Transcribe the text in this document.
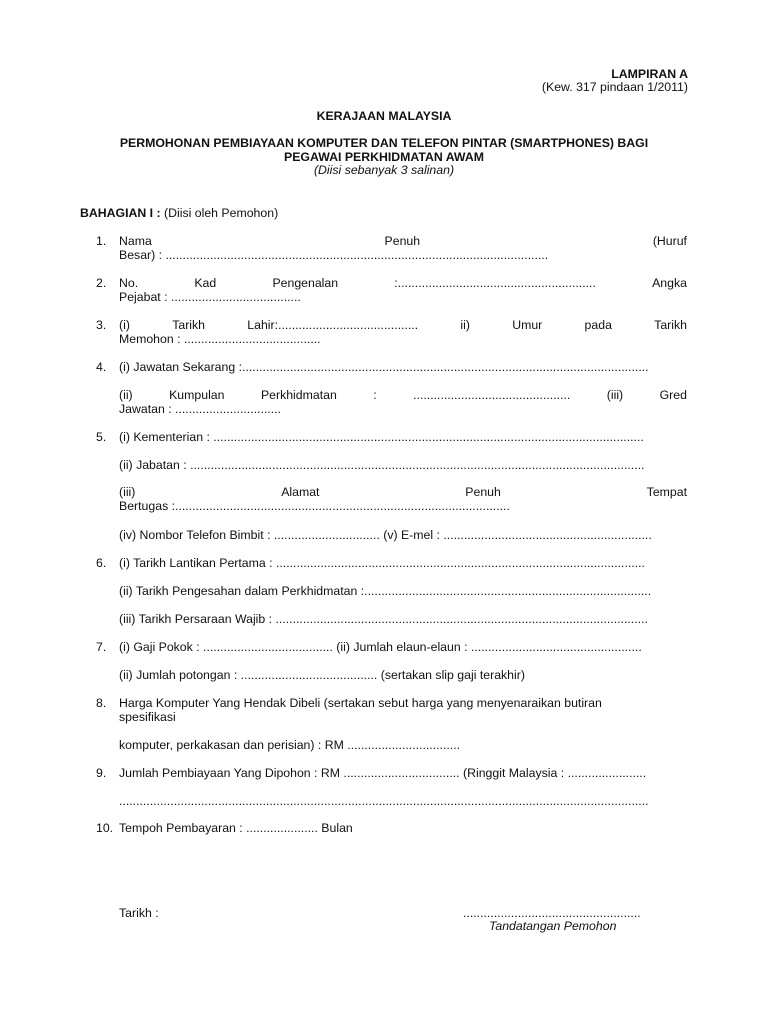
LAMPIRAN A
(Kew. 317 pindaan 1/2011)
KERAJAAN MALAYSIA
PERMOHONAN PEMBIAYAAN KOMPUTER DAN TELEFON PINTAR (SMARTPHONES) BAGI
PEGAWAI PERKHIDMATAN AWAM
(Diisi sebanyak 3 salinan)
BAHAGIAN I : (Diisi oleh Pemohon)
1. Nama	Penuh	(Huruf
Besar) : ................................................................................................................
2. No.	Kad	Pengenalan	:..........................................................	Angka
Pejabat : ......................................
3. (i)	Tarikh	Lahir:.........................................	ii)	Umur	pada	Tarikh
Memohon : ........................................
4. (i) Jawatan Sekarang :.......................................................................................................................
(ii)	Kumpulan	Perkhidmatan	:	..............................................	(iii)	Gred
Jawatan : ...............................
5. (i) Kementerian : ..............................................................................................................................
(ii) Jabatan : .....................................................................................................................................
(iii)	Alamat	Penuh	Tempat
Bertugas :..................................................................................................
(iv) Nombor Telefon Bimbit : ............................... (v) E-mel : .............................................................
6. (i) Tarikh Lantikan Pertama : ............................................................................................................
(ii) Tarikh Pengesahan dalam Perkhidmatan :....................................................................................
(iii) Tarikh Persaraan Wajib : .............................................................................................................
7. (i) Gaji Pokok : ...................................... (ii) Jumlah elaun-elaun : ..................................................
(ii) Jumlah potongan : ........................................ (sertakan slip gaji terakhir)
8. Harga Komputer Yang Hendak Dibeli (sertakan sebut harga yang menyenaraikan butiran
spesifikasi
komputer, perkakasan dan perisian) : RM .................................
9. Jumlah Pembiayaan Yang Dipohon : RM .................................. (Ringgit Malaysia : .......................
...........................................................................................................................................................
10. Tempoh Pembayaran : ..................... Bulan
Tarikh :	....................................................
Tandatangan Pemohon
